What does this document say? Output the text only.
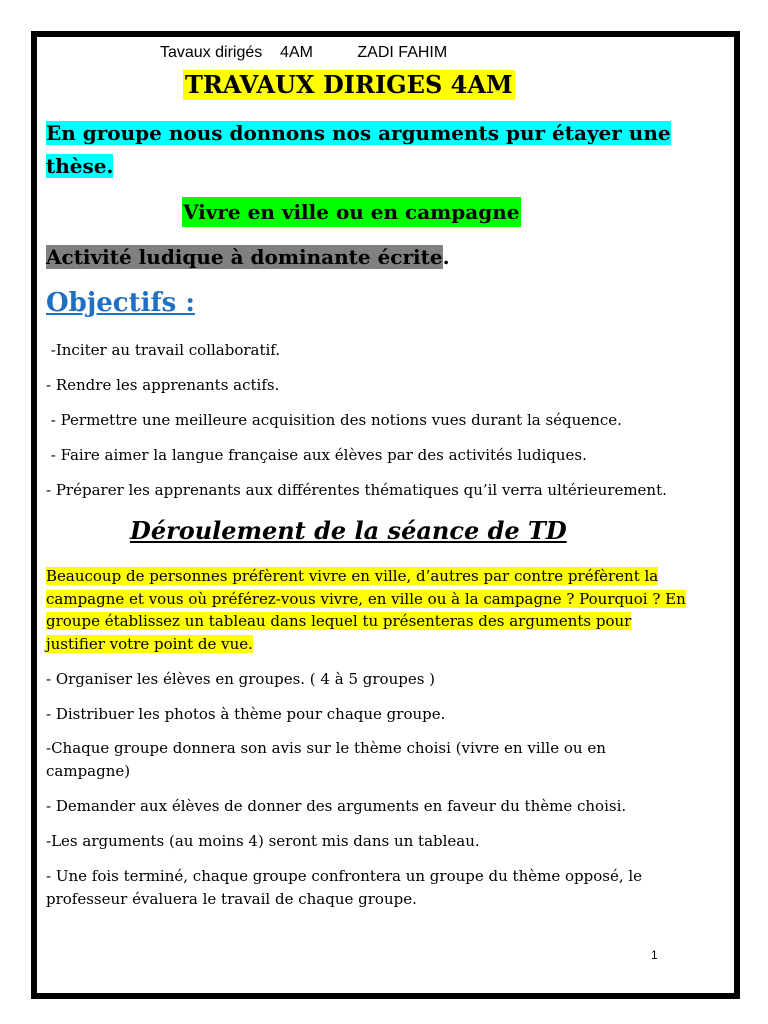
Tavaux dirigés    4AM          ZADI FAHIM
TRAVAUX DIRIGES 4AM
En groupe nous donnons nos arguments pur étayer une thèse.
Vivre en ville ou en campagne
Activité ludique à dominante écrite.
Objectifs :
-Inciter au travail collaboratif.
- Rendre les apprenants actifs.
- Permettre une meilleure acquisition des notions vues durant la séquence.
- Faire aimer la langue française aux élèves par des activités ludiques.
- Préparer les apprenants aux différentes thématiques qu’il verra ultérieurement.
Déroulement de la séance de TD
Beaucoup de personnes préfèrent vivre en ville, d’autres par contre préfèrent la campagne et vous où préférez-vous vivre, en ville ou à la campagne ? Pourquoi ? En groupe établissez un tableau dans lequel tu présenteras des arguments pour justifier votre point de vue.
- Organiser les élèves en groupes. ( 4 à 5 groupes )
- Distribuer les photos à thème pour chaque groupe.
-Chaque groupe donnera son avis sur le thème choisi (vivre en ville ou en campagne)
- Demander aux élèves de donner des arguments en faveur du thème choisi.
-Les arguments (au moins 4) seront mis dans un tableau.
- Une fois terminé, chaque groupe confrontera un groupe du thème opposé, le professeur évaluera le travail de chaque groupe.
1
